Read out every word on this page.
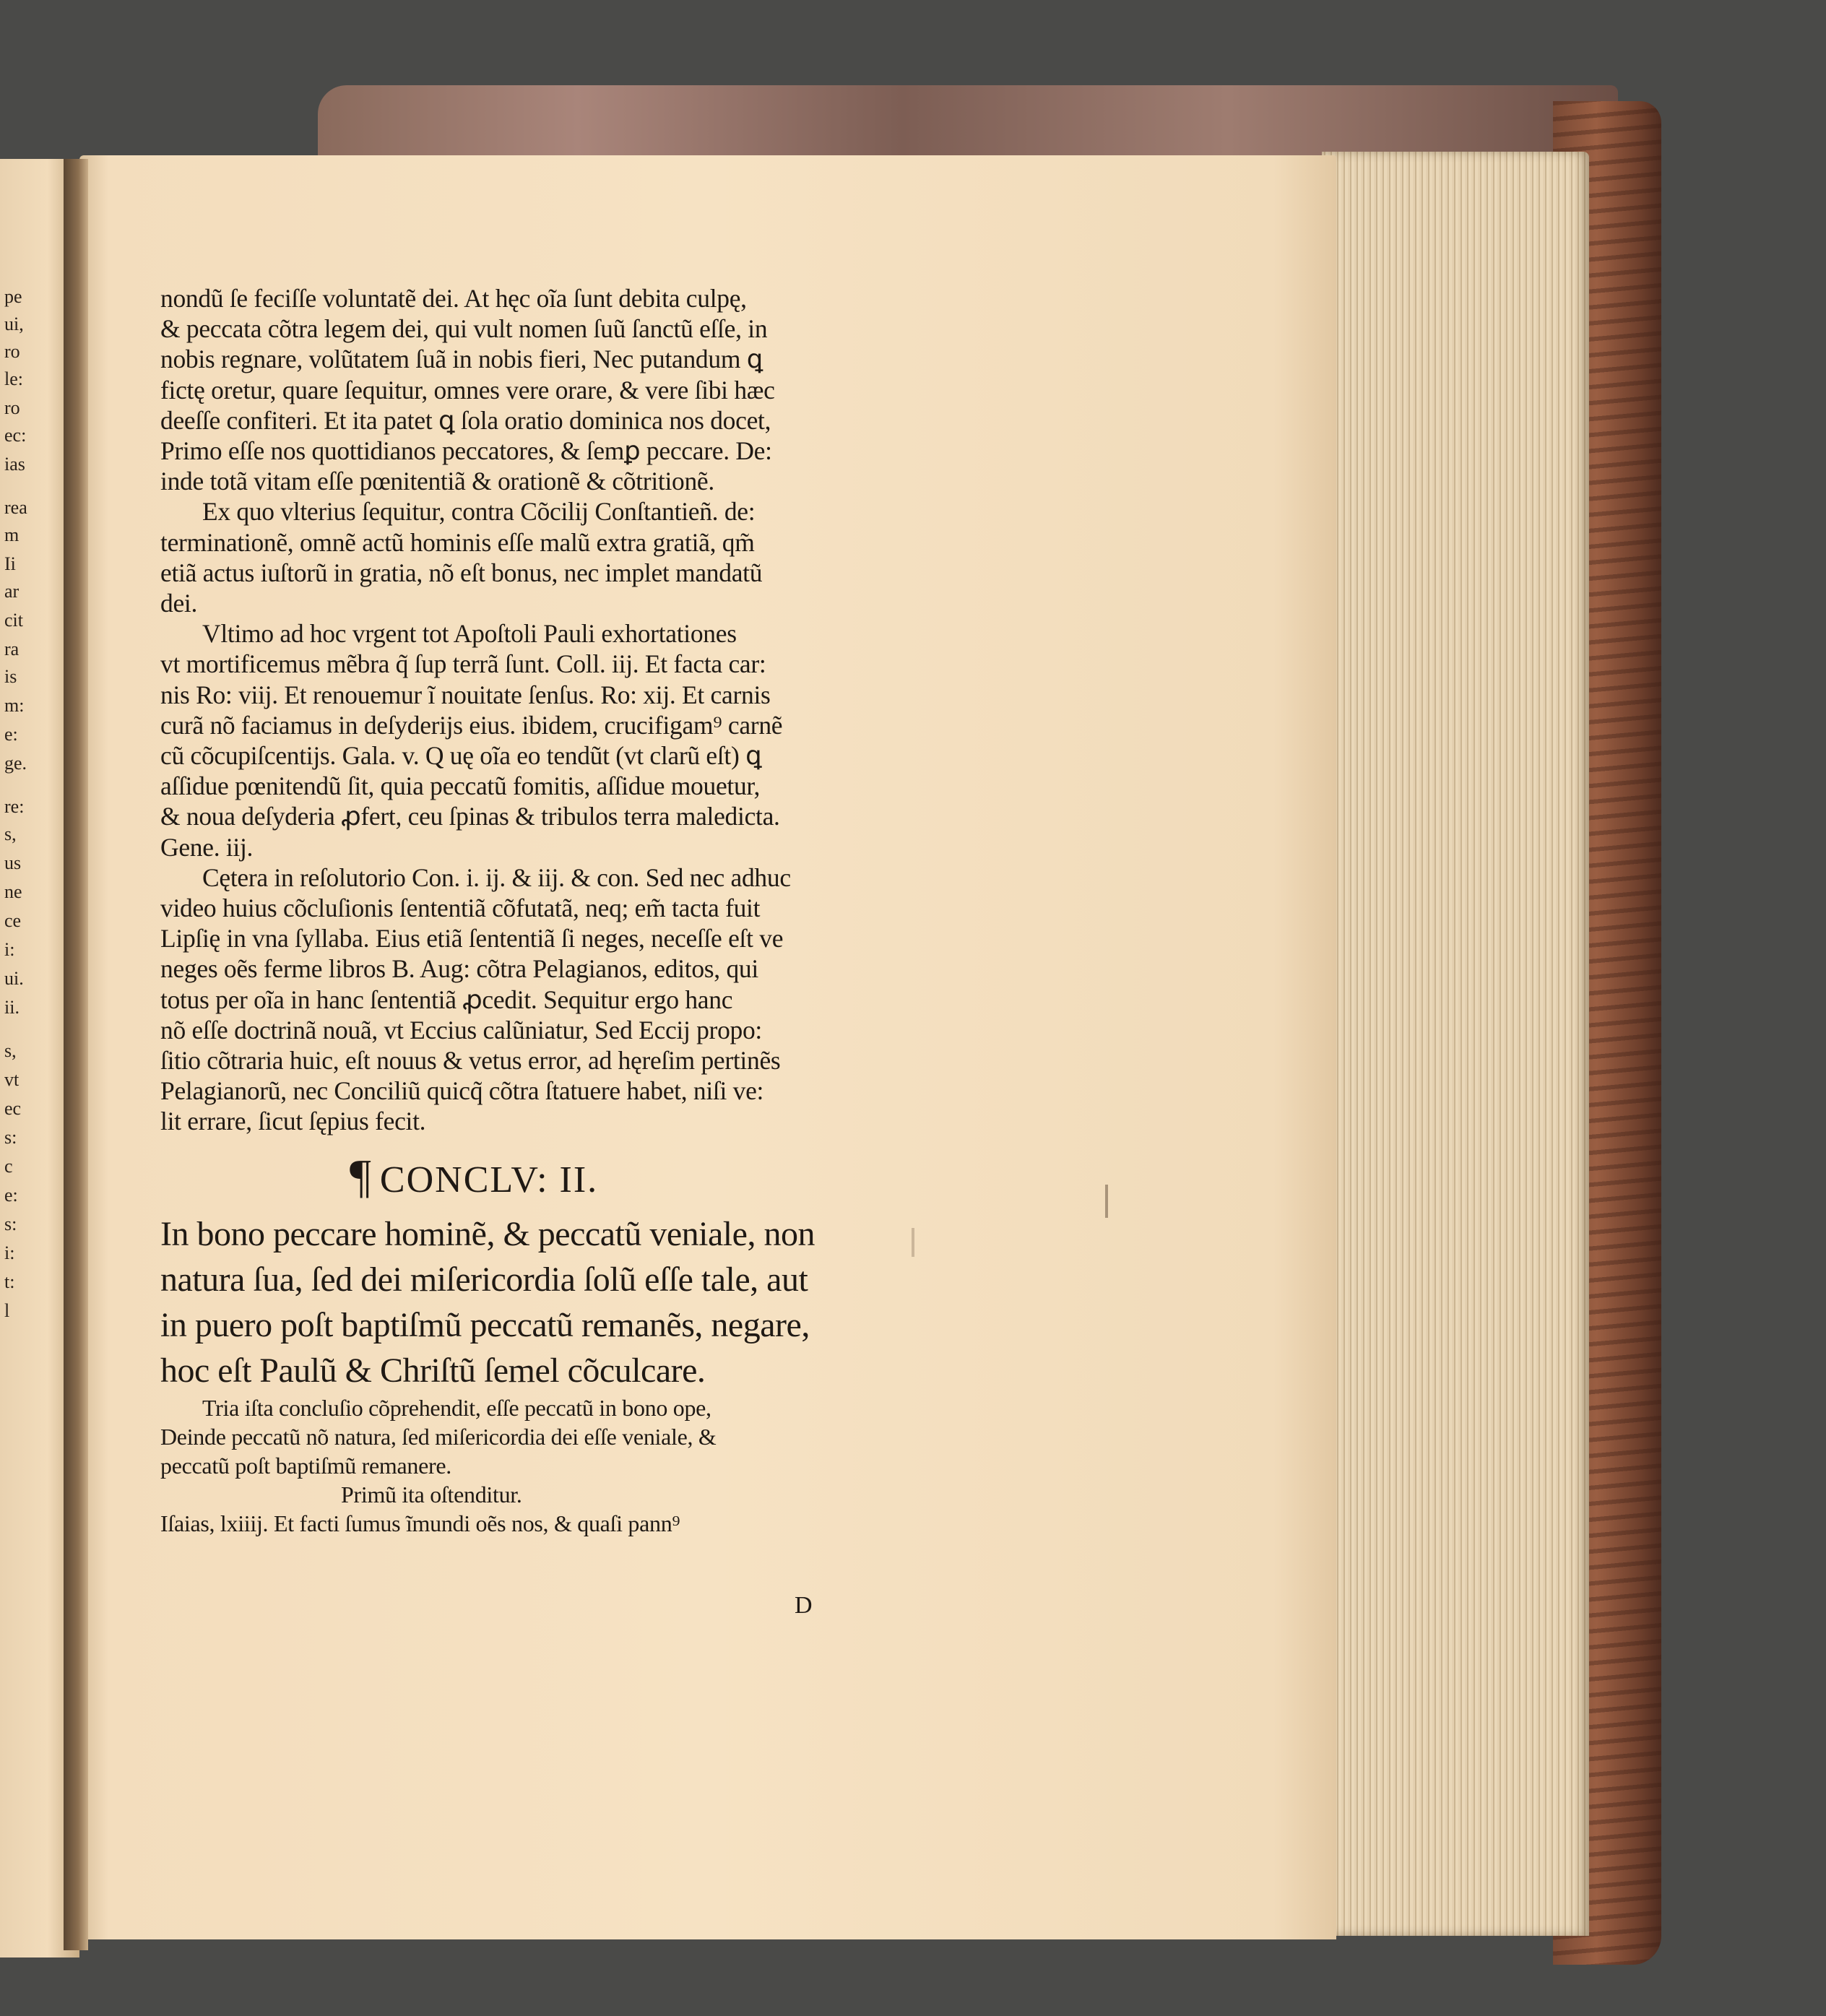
pe
ui,
ro
le:
ro
ec:
ias
rea
m
Ii
ar
cit
ra
is
m:
e:
ge.
re:
s,
us
ne
ce
i:
ui.
ii.
s,
vt
ec
s:
c
e:
s:
i:
t:
l
nondũ ſe feciſſe voluntatẽ dei. At hęc oĩa ſunt debita culpę,
& peccata cõtra legem dei, qui vult nomen ſuũ ſanctũ eſſe, in
nobis regnare, volũtatem ſuã in nobis fieri, Nec putandum ꝗ
fictę oretur, quare ſequitur, omnes vere orare, & vere ſibi hæc
deeſſe confiteri. Et ita patet ꝗ ſola oratio dominica nos docet,
Primo eſſe nos quottidianos peccatores, & ſemꝑ peccare. De:
inde totã vitam eſſe pœnitentiã & orationẽ & cõtritionẽ.
Ex quo vlterius ſequitur, contra Cõcilij Conſtantieñ. de:
terminationẽ, omnẽ actũ hominis eſſe malũ extra gratiã, qm̃
etiã actus iuſtorũ in gratia, nõ eſt bonus, nec implet mandatũ
dei.
Vltimo ad hoc vrgent tot Apoſtoli Pauli exhortationes
vt mortificemus mẽbra q̃ ſup terrã ſunt. Coll. iij. Et facta car:
nis Ro: viij. Et renouemur ĩ nouitate ſenſus. Ro: xij. Et carnis
curã nõ faciamus in deſyderijs eius. ibidem, crucifigam⁹ carnẽ
cũ cõcupiſcentijs. Gala. v. Q uę oĩa eo tendũt (vt clarũ eſt) ꝗ
aſſidue pœnitendũ ſit, quia peccatũ fomitis, aſſidue mouetur,
& noua deſyderia ꝓfert, ceu ſpinas & tribulos terra maledicta.
Gene. iij.
Cętera in reſolutorio Con. i. ij. & iij. & con. Sed nec adhuc
video huius cõcluſionis ſententiã cõfutatã, neq; em̃ tacta fuit
Lipſię in vna ſyllaba. Eius etiã ſententiã ſi neges, neceſſe eſt ve
neges oẽs ferme libros B. Aug: cõtra Pelagianos, editos, qui
totus per oĩa in hanc ſententiã ꝓcedit. Sequitur ergo hanc
nõ eſſe doctrinã nouã, vt Eccius calũniatur, Sed Eccij propo:
ſitio cõtraria huic, eſt nouus & vetus error, ad hęreſim pertinẽs
Pelagianorũ, nec Conciliũ quicq̃ cõtra ſtatuere habet, niſi ve:
lit errare, ſicut ſępius fecit.
¶ CONCLV: II.
In bono peccare hominẽ, & peccatũ veniale, non
natura ſua, ſed dei miſericordia ſolũ eſſe tale, aut
in puero poſt baptiſmũ peccatũ remanẽs, negare,
hoc eſt Paulũ & Chriſtũ ſemel cõculcare.
Tria iſta concluſio cõprehendit, eſſe peccatũ in bono ope,
Deinde peccatũ nõ natura, ſed miſericordia dei eſſe veniale, &
peccatũ poſt baptiſmũ remanere.
Primũ ita oſtenditur.
Iſaias, lxiiij. Et facti ſumus ĩmundi oẽs nos, & quaſi pann⁹
D
